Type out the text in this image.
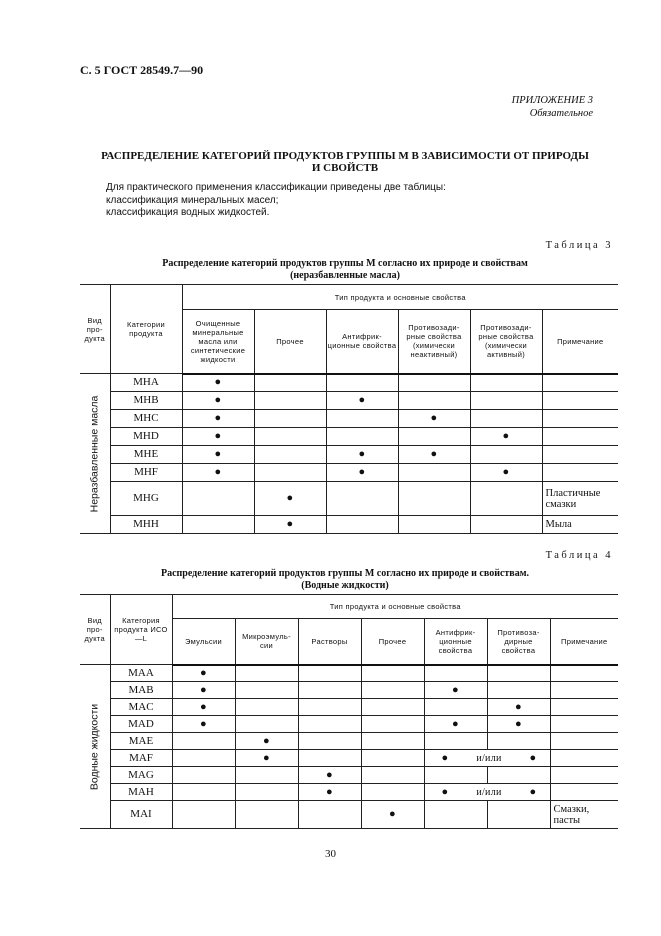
С. 5 ГОСТ 28549.7—90
ПРИЛОЖЕНИЕ 3
Обязательное
РАСПРЕДЕЛЕНИЕ КАТЕГОРИЙ ПРОДУКТОВ ГРУППЫ М В ЗАВИСИМОСТИ ОТ ПРИРОДЫ
И СВОЙСТВ
Для практического применения классификации приведены две таблицы:
классификация минеральных масел;
классификация водных жидкостей.
Таблица 3
Распределение категорий продуктов группы М согласно их природе и свойствам
(неразбавленные масла)
Вид про-дукта	Категории продукта	Тип продукта и основные свойства					
		Очищенные минеральные масла или синтетические жидкости	Прочее	Антифрик-ционные свойства	Противозади-рные свойства (химически неактивный)	Противозади-рные свойства (химически активный)	Примечание

Неразбавленные масла	MHA	●					
	MHB	●		●			
	MHC	●			●		
	MHD	●				●	
	MHE	●		●	●		
	MHF	●		●		●	
	MHG		●				Пластичные смазки
	MHH		●				Мыла
Таблица 4
Распределение категорий продуктов группы М согласно их природе и свойствам.
(Водные жидкости)
Вид про-дукта	Категория продукта ИСО—L	Тип продукта и основные свойства						
		Эмульсии	Микроэмуль-сии	Растворы	Прочее	Антифрик-ционные свойства	Противоза-дирные свойства	Примечание

Водные жидкости	MAA	●						
	MAB	●				●		
	MAC	●					●	
	MAD	●				●	●	
	MAE		●					
	MAF		●			● и/или ●		

	MAG			●				
	MAH			●		● и/или ●		

	MAI				●			Смазки, пасты
30
